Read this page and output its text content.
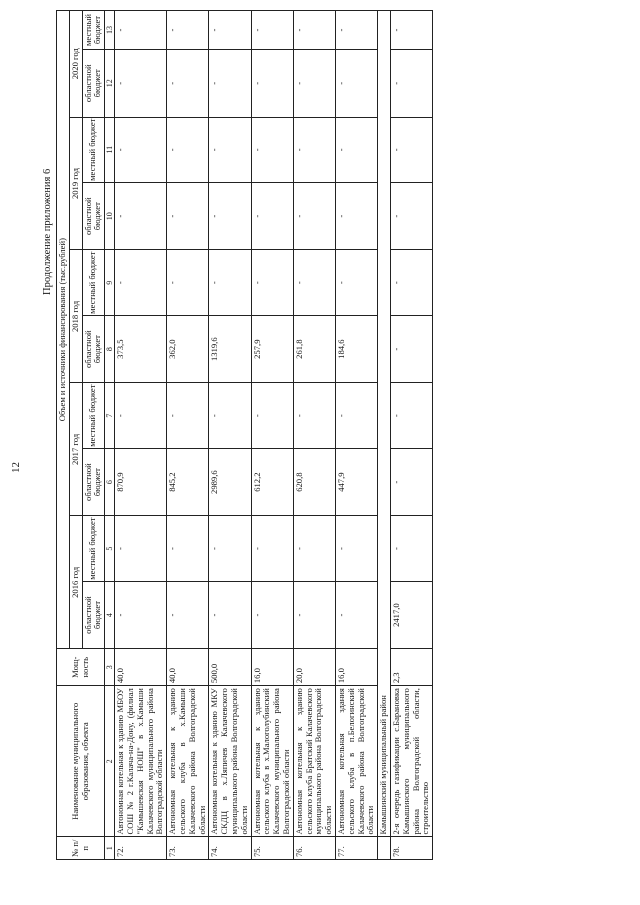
12
Продолжение приложения 6
№ п/п	Наименование муниципального образования, объекта	Мощ-ность	Объем и источники финансирования (тыс.рублей)									
			2016 год		2017 год		2018 год		2019 год		2020 год	
			областной бюджет	местный бюджет	областной бюджет	местный бюджет	областной бюджет	местный бюджет	областной бюджет	местный бюджет	областной бюджет	местный бюджет
1	2	3	4	5	6	7	8	9	10	11	12	13
72.	Автономная котельная к зданию МБОУ СОШ № 2 г.Калача-на-Дону, (филиал "Камышевская НОШ" в х.Камыши Калачевского муниципального района Волгоградской области	40,0	-	-	870,9	-	373,5	-	-	-	-	-
73.	Автономная котельная к зданию сельского клуба в х.Камыши Калачевского района Волгоградской области	40,0	-	-	845,2	-	362,0	-	-	-	-	-
74.	Автономная котельная к зданию МКУ СКДЦ в х.Ляпичев Калачевского муниципального района Волгоградской области	500,0	-	-	2989,6	-	1319,6	-	-	-	-	-
75.	Автономная котельная к зданию сельского клуба в х.Малоголубинский Калачевского муниципального района Волгоградской области	16,0	-	-	612,2	-	257,9	-	-	-	-	-
76.	Автономная котельная к зданию сельского клуба Братский Калачевского муниципального района Волгоградской области	20,0	-	-	620,8	-	261,8	-	-	-	-	-
77.	Автономная котельная здания сельского клуба в п.Белогинский Калачевского района Волгоградской области	16,0	-	-	447,9	-	184,6	-	-	-	-	-
	Камышинский муниципальный район											
78.	2-я очередь газификации с.Барановка Камышинского муниципального района Волгоградской области, строительство	2,3	2417,0	-	-	-	-	-	-	-	-	-
